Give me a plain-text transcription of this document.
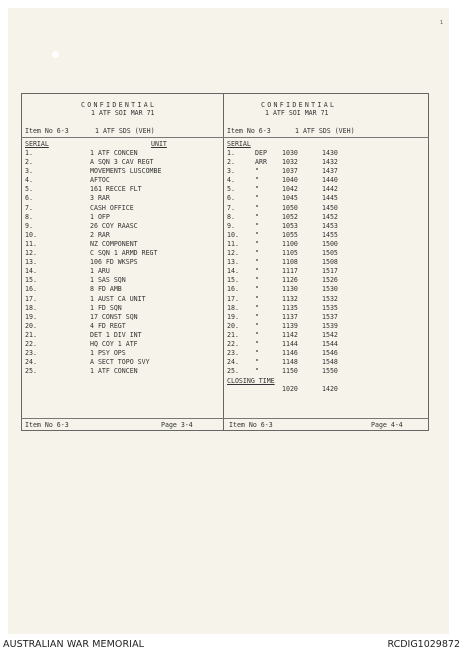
1
CONFIDENTIAL
1 ATF SOI MAR 71
Item No 6-3	1 ATF SDS (VEH)
SERIAL	UNIT
1.	1 ATF CONCEN
2.	A SQN 3 CAV REGT
3.	MOVEMENTS LUSCOMBE
4.	AFTOC
5.	161 RECCE FLT
6.	3 RAR
7.	CASH OFFICE
8.	1 OFP
9.	26 COY RAASC
10.	2 RAR
11.	NZ COMPONENT
12.	C SQN 1 ARMD REGT
13.	106 FD WKSPS
14.	1 ARU
15.	1 SAS SQN
16.	8 FD AMB
17.	1 AUST CA UNIT
18.	1 FD SQN
19.	17 CONST SQN
20.	4 FD REGT
21.	DET 1 DIV INT
22.	HQ COY 1 ATF
23.	1 PSY OPS
24.	A SECT TOPO SVY
25.	1 ATF CONCEN
Item No 6-3	Page 3-4
CONFIDENTIAL
1 ATF SOI MAR 71
Item No 6-3	1 ATF SDS (VEH)
SERIAL
1.	DEP 1030	1430
2.	ARR 1032	1432
3.	"	1037	1437
4.	"	1040	1440
5.	"	1042	1442
6.	"	1045	1445
7.	"	1050	1450
8.	"	1052	1452
9.	"	1053	1453
10. "	1055	1455
11. "	1100	1500
12. "	1105	1505
13. "	1108	1508
14. "	1117	1517
15. "	1126	1526
16. "	1130	1530
17. "	1132	1532
18. "	1135	1535
19. "	1137	1537
20. "	1139	1539
21. "	1142	1542
22. "	1144	1544
23. "	1146	1546
24. "	1148	1548
25. "	1150	1550
CLOSING TIME
1020	1420
Item No 6-3	Page 4-4
AUSTRALIAN WAR MEMORIAL	RCDIG1029872
